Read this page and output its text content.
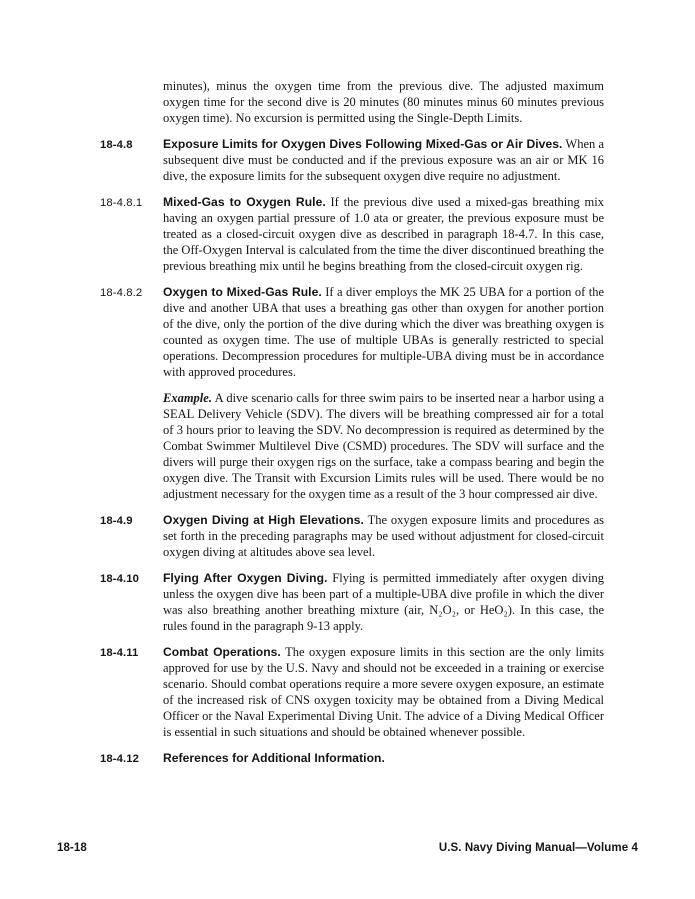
minutes), minus the oxygen time from the previous dive. The adjusted maximum oxygen time for the second dive is 20 minutes (80 minutes minus 60 minutes previous oxygen time). No excursion is permitted using the Single-Depth Limits.
18-4.8	Exposure Limits for Oxygen Dives Following Mixed-Gas or Air Dives. When a subsequent dive must be conducted and if the previous exposure was an air or MK 16 dive, the exposure limits for the subsequent oxygen dive require no adjustment.
18-4.8.1	Mixed-Gas to Oxygen Rule. If the previous dive used a mixed-gas breathing mix having an oxygen partial pressure of 1.0 ata or greater, the previous exposure must be treated as a closed-circuit oxygen dive as described in paragraph 18-4.7. In this case, the Off-Oxygen Interval is calculated from the time the diver discontinued breathing the previous breathing mix until he begins breathing from the closed-circuit oxygen rig.
18-4.8.2	Oxygen to Mixed-Gas Rule. If a diver employs the MK 25 UBA for a portion of the dive and another UBA that uses a breathing gas other than oxygen for another portion of the dive, only the portion of the dive during which the diver was breathing oxygen is counted as oxygen time. The use of multiple UBAs is generally restricted to special operations. Decompression procedures for multiple-UBA diving must be in accordance with approved procedures.
Example. A dive scenario calls for three swim pairs to be inserted near a harbor using a SEAL Delivery Vehicle (SDV). The divers will be breathing compressed air for a total of 3 hours prior to leaving the SDV. No decompression is required as determined by the Combat Swimmer Multilevel Dive (CSMD) procedures. The SDV will surface and the divers will purge their oxygen rigs on the surface, take a compass bearing and begin the oxygen dive. The Transit with Excursion Limits rules will be used. There would be no adjustment necessary for the oxygen time as a result of the 3 hour compressed air dive.
18-4.9	Oxygen Diving at High Elevations. The oxygen exposure limits and procedures as set forth in the preceding paragraphs may be used without adjustment for closed-circuit oxygen diving at altitudes above sea level.
18-4.10	Flying After Oxygen Diving. Flying is permitted immediately after oxygen diving unless the oxygen dive has been part of a multiple-UBA dive profile in which the diver was also breathing another breathing mixture (air, N₂O₂, or HeO₂). In this case, the rules found in the paragraph 9-13 apply.
18-4.11	Combat Operations. The oxygen exposure limits in this section are the only limits approved for use by the U.S. Navy and should not be exceeded in a training or exercise scenario. Should combat operations require a more severe oxygen exposure, an estimate of the increased risk of CNS oxygen toxicity may be obtained from a Diving Medical Officer or the Naval Experimental Diving Unit. The advice of a Diving Medical Officer is essential in such situations and should be obtained whenever possible.
18-4.12	References for Additional Information.
18-18	U.S. Navy Diving Manual—Volume 4
